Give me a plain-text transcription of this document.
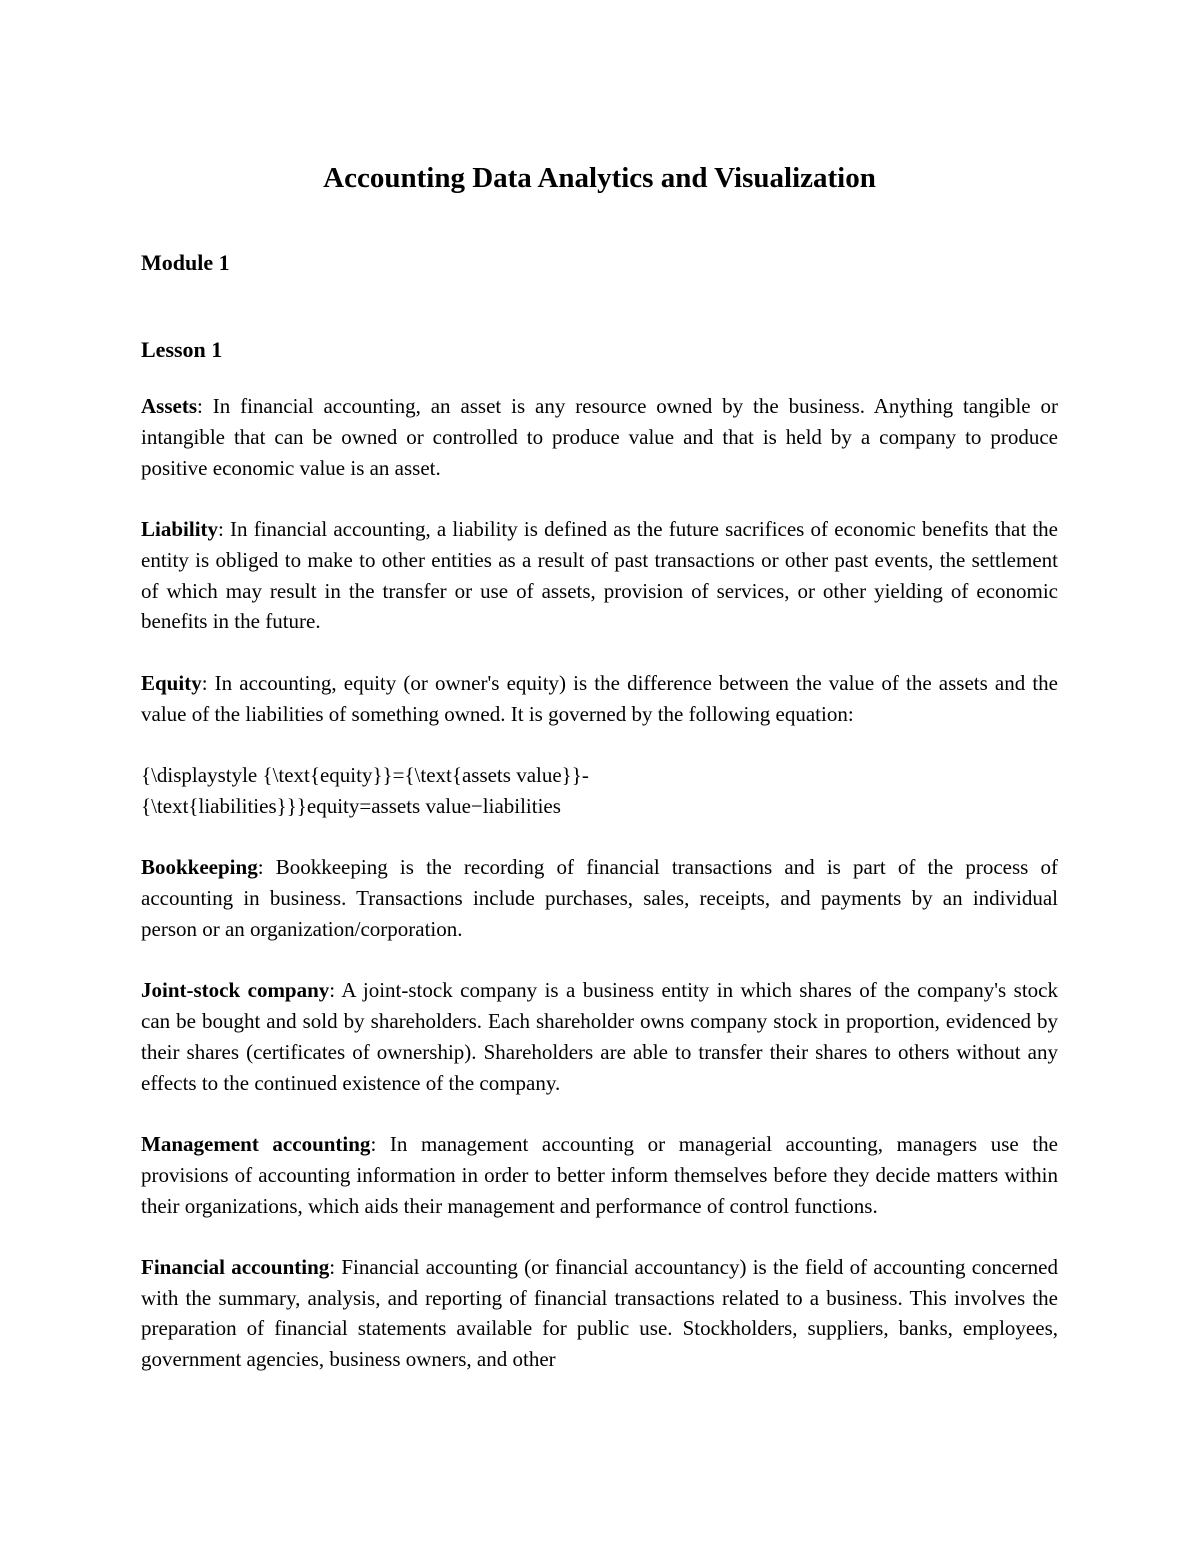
Accounting Data Analytics and Visualization
Module 1
Lesson 1

Assets: In financial accounting, an asset is any resource owned by the business. Anything tangible or intangible that can be owned or controlled to produce value and that is held by a company to produce positive economic value is an asset.

Liability: In financial accounting, a liability is defined as the future sacrifices of economic benefits that the entity is obliged to make to other entities as a result of past transactions or other past events, the settlement of which may result in the transfer or use of assets, provision of services, or other yielding of economic benefits in the future.

Equity: In accounting, equity (or owner's equity) is the difference between the value of the assets and the value of the liabilities of something owned. It is governed by the following equation:

{\displaystyle {\text{equity}}={\text{assets value}}-
{\text{liabilities}}}equity=assets value−liabilities

Bookkeeping: Bookkeeping is the recording of financial transactions and is part of the process of accounting in business. Transactions include purchases, sales, receipts, and payments by an individual person or an organization/corporation.

Joint-stock company: A joint-stock company is a business entity in which shares of the company's stock can be bought and sold by shareholders. Each shareholder owns company stock in proportion, evidenced by their shares (certificates of ownership). Shareholders are able to transfer their shares to others without any effects to the continued existence of the company.

Management accounting: In management accounting or managerial accounting, managers use the provisions of accounting information in order to better inform themselves before they decide matters within their organizations, which aids their management and performance of control functions.

Financial accounting: Financial accounting (or financial accountancy) is the field of accounting concerned with the summary, analysis, and reporting of financial transactions related to a business. This involves the preparation of financial statements available for public use. Stockholders, suppliers, banks, employees, government agencies, business owners, and other
